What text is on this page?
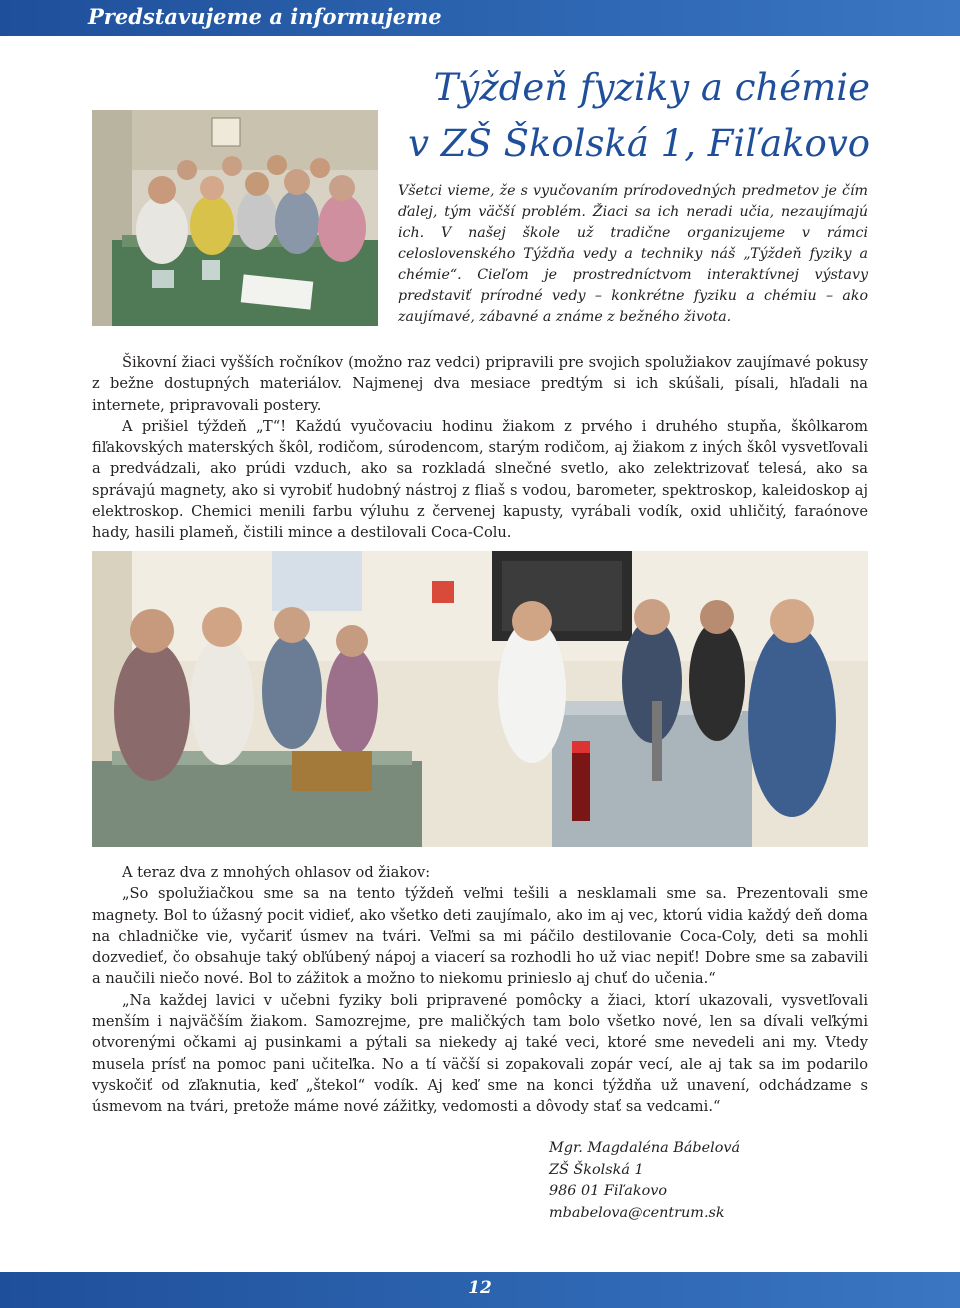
Predstavujeme a informujeme
Týždeň fyziky a chémie
v ZŠ Školská 1, Fiľakovo
Všetci vieme, že s vyučovaním prírodovedných predmetov je čím ďalej, tým väčší problém. Žiaci sa ich neradi učia, nezaujímajú ich. V našej škole už tradične organizujeme v rámci celoslovenského Týždňa vedy a techniky náš „Týždeň fyziky a chémie“. Cieľom je prostredníctvom interaktívnej výstavy predstaviť prírodné vedy – konkrétne fyziku a chémiu – ako zaujímavé, zábavné a známe z bežného života.

Šikovní žiaci vyšších ročníkov (možno raz vedci) pripravili pre svojich spolužiakov zaujímavé pokusy z bežne dostupných materiálov. Najmenej dva mesiace predtým si ich skúšali, písali, hľadali na internete, pripravovali postery.

A prišiel týždeň „T“! Každú vyučovaciu hodinu žiakom z prvého i druhého stupňa, škôlkarom fiľakovských materských škôl, rodičom, súrodencom, starým rodičom, aj žiakom z iných škôl vysvetľovali a predvádzali, ako prúdi vzduch, ako sa rozkladá slnečné svetlo, ako zelektrizovať telesá, ako sa správajú magnety, ako si vyrobiť hudobný nástroj z fliaš s vodou, barometer, spektroskop, kaleidoskop aj elektroskop. Chemici menili farbu výluhu z červenej kapusty, vyrábali vodík, oxid uhličitý, faraónove hady, hasili plameň, čistili mince a destilovali Coca-Colu.

A teraz dva z mnohých ohlasov od žiakov:

„So spolužiačkou sme sa na tento týždeň veľmi tešili a nesklamali sme sa. Prezentovali sme magnety. Bol to úžasný pocit vidieť, ako všetko deti zaujímalo, ako im aj vec, ktorú vidia každý deň doma na chladničke vie, vyčariť úsmev na tvári. Veľmi sa mi páčilo destilovanie Coca-Coly, deti sa mohli dozvedieť, čo obsahuje taký obľúbený nápoj a viacerí sa rozhodli ho už viac nepiť! Dobre sme sa zabavili a naučili niečo nové. Bol to zážitok a možno to niekomu prinieslo aj chuť do učenia.“

„Na každej lavici v učebni fyziky boli pripravené pomôcky a žiaci, ktorí ukazovali, vysvetľovali menším i najväčším žiakom. Samozrejme, pre maličkých tam bolo všetko nové, len sa dívali veľkými otvorenými očkami aj pusinkami a pýtali sa niekedy aj také veci, ktoré sme nevedeli ani my. Vtedy musela prísť na pomoc pani učiteľka. No a tí väčší si zopakovali zopár vecí, ale aj tak sa im podarilo vyskočiť od zľaknutia, keď „štekol“ vodík. Aj keď sme na konci týždňa už unavení, odchádzame s úsmevom na tvári, pretože máme nové zážitky, vedomosti a dôvody stať sa vedcami.“

Mgr. Magdaléna Bábelová
ZŠ Školská 1
986 01 Fiľakovo
mbabelova@centrum.sk
12
